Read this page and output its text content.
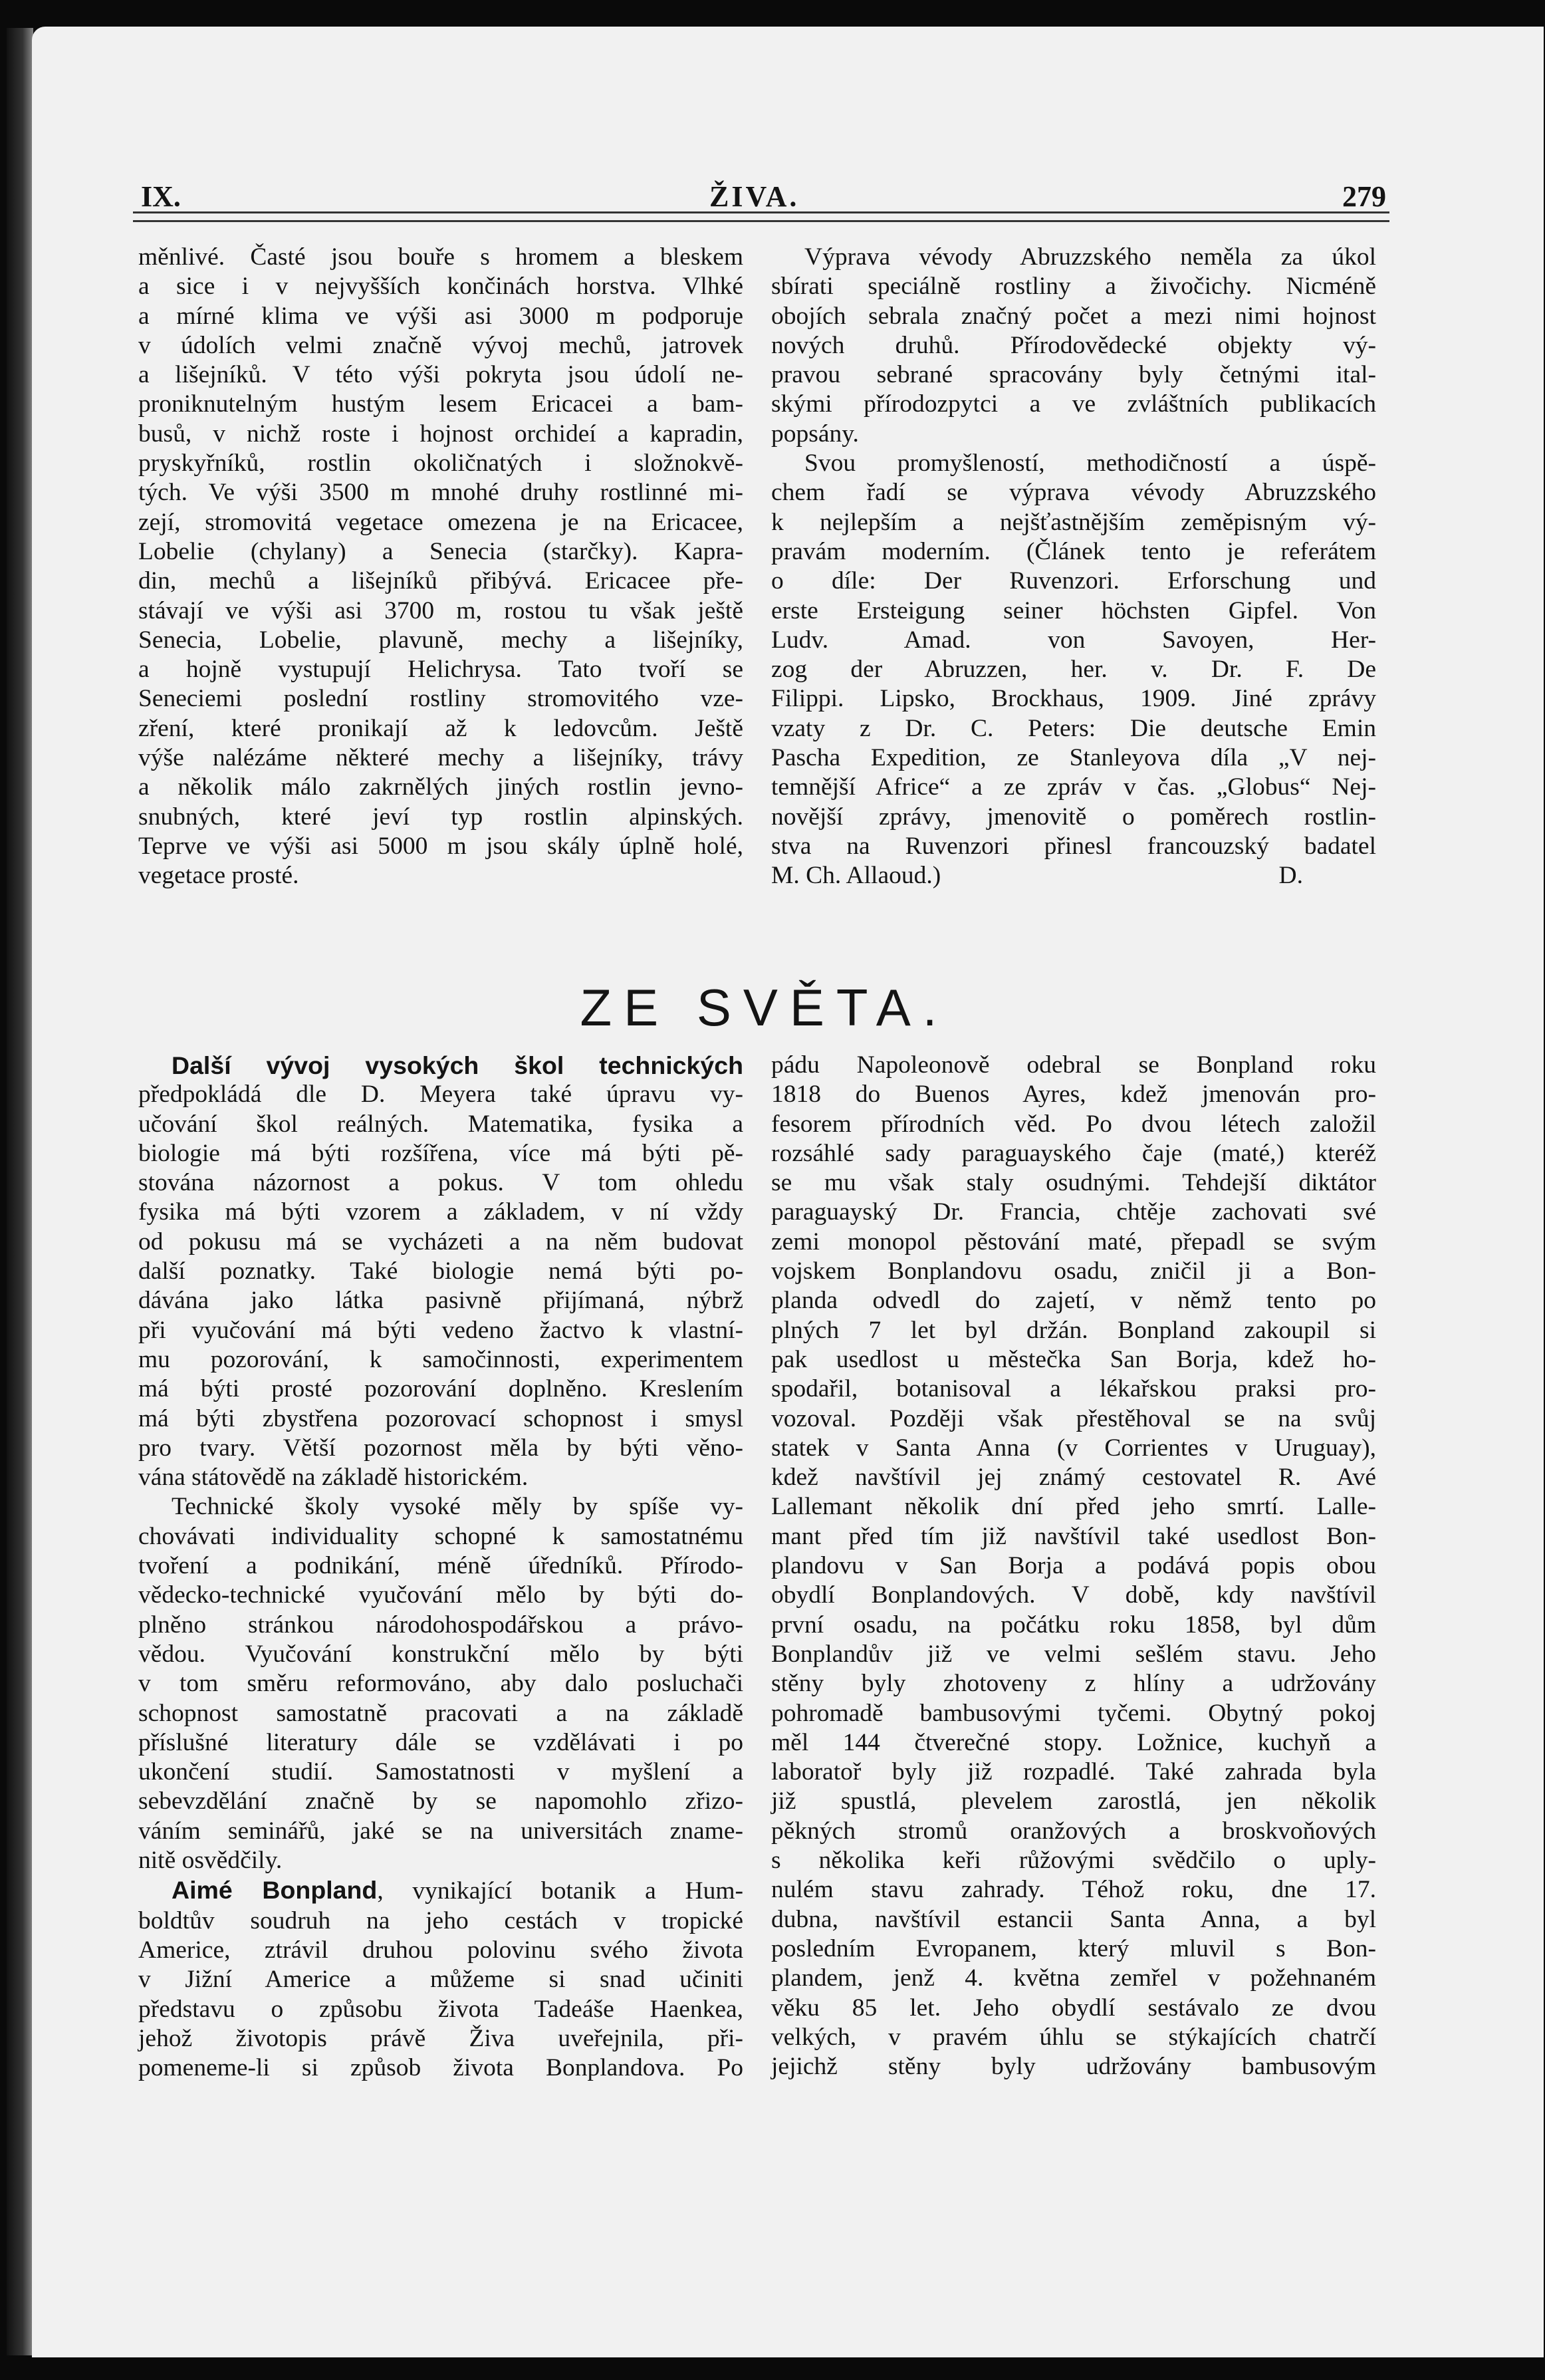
IX.	ŽIVA.	279
měnlivé. Časté jsou bouře s hromem a bleskem
a sice i v nejvyšších končinách horstva. Vlhké
a mírné klima ve výši asi 3000 m podporuje
v údolích velmi značně vývoj mechů, jatrovek
a lišejníků. V této výši pokryta jsou údolí ne-
proniknutelným hustým lesem Ericacei a bam-
busů, v nichž roste i hojnost orchideí a kapradin,
pryskyřníků, rostlin okoličnatých i složnokvě-
tých. Ve výši 3500 m mnohé druhy rostlinné mi-
zejí, stromovitá vegetace omezena je na Ericacee,
Lobelie (chylany) a Senecia (starčky). Kapra-
din, mechů a lišejníků přibývá. Ericacee pře-
stávají ve výši asi 3700 m, rostou tu však ještě
Senecia, Lobelie, plavuně, mechy a lišejníky,
a hojně vystupují Helichrysa. Tato tvoří se
Seneciemi poslední rostliny stromovitého vze-
zření, které pronikají až k ledovcům. Ještě
výše nalézáme některé mechy a lišejníky, trávy
a několik málo zakrnělých jiných rostlin jevno-
snubných, které jeví typ rostlin alpinských.
Teprve ve výši asi 5000 m jsou skály úplně holé,
vegetace prosté.
Výprava vévody Abruzzského neměla za úkol
sbírati speciálně rostliny a živočichy. Nicméně
obojích sebrala značný počet a mezi nimi hojnost
nových druhů. Přírodovědecké objekty vý-
pravou sebrané spracovány byly četnými ital-
skými přírodozpytci a ve zvláštních publikacích
popsány.
Svou promyšleností, methodičností a úspě-
chem řadí se výprava vévody Abruzzského
k nejlepším a nejšťastnějším zeměpisným vý-
pravám moderním. (Článek tento je referátem
o díle: Der Ruvenzori. Erforschung und
erste Ersteigung seiner höchsten Gipfel. Von
Ludv. Amad. von Savoyen, Her-
zog der Abruzzen, her. v. Dr. F. De
Filippi. Lipsko, Brockhaus, 1909. Jiné zprávy
vzaty z Dr. C. Peters: Die deutsche Emin
Pascha Expedition, ze Stanleyova díla „V nej-
temnější Africe“ a ze zpráv v čas. „Globus“ Nej-
novější zprávy, jmenovitě o poměrech rostlin-
stva na Ruvenzori přinesl francouzský badatel
M. Ch. Allaoud.)	D.
ZE SVĚTA.
Další vývoj vysokých škol technických
předpokládá dle D. Meyera také úpravu vy-
učování škol reálných. Matematika, fysika a
biologie má býti rozšířena, více má býti pě-
stována názornost a pokus. V tom ohledu
fysika má býti vzorem a základem, v ní vždy
od pokusu má se vycházeti a na něm budovat
další poznatky. Také biologie nemá býti po-
dávána jako látka pasivně přijímaná, nýbrž
při vyučování má býti vedeno žactvo k vlastní-
mu pozorování, k samočinnosti, experimentem
má býti prosté pozorování doplněno. Kreslením
má býti zbystřena pozorovací schopnost i smysl
pro tvary. Větší pozornost měla by býti věno-
vána státovědě na základě historickém.
Technické školy vysoké měly by spíše vy-
chovávati individuality schopné k samostatnému
tvoření a podnikání, méně úředníků. Přírodo-
vědecko-technické vyučování mělo by býti do-
plněno stránkou národohospodářskou a právo-
vědou. Vyučování konstrukční mělo by býti
v tom směru reformováno, aby dalo posluchači
schopnost samostatně pracovati a na základě
příslušné literatury dále se vzdělávati i po
ukončení studií. Samostatnosti v myšlení a
sebevzdělání značně by se napomohlo zřizo-
váním seminářů, jaké se na universitách zname-
nitě osvědčily.
Aimé Bonpland, vynikající botanik a Hum-
boldtův soudruh na jeho cestách v tropické
Americe, ztrávil druhou polovinu svého života
v Jižní Americe a můžeme si snad učiniti
představu o způsobu života Tadeáše Haenkea,
jehož životopis právě Živa uveřejnila, při-
pomeneme-li si způsob života Bonplandova. Po
pádu Napoleonově odebral se Bonpland roku
1818 do Buenos Ayres, kdež jmenován pro-
fesorem přírodních věd. Po dvou létech založil
rozsáhlé sady paraguayského čaje (maté,) kteréž
se mu však staly osudnými. Tehdejší diktátor
paraguayský Dr. Francia, chtěje zachovati své
zemi monopol pěstování maté, přepadl se svým
vojskem Bonplandovu osadu, zničil ji a Bon-
planda odvedl do zajetí, v němž tento po
plných 7 let byl držán. Bonpland zakoupil si
pak usedlost u městečka San Borja, kdež ho-
spodařil, botanisoval a lékařskou praksi pro-
vozoval. Později však přestěhoval se na svůj
statek v Santa Anna (v Corrientes v Uruguay),
kdež navštívil jej známý cestovatel R. Avé
Lallemant několik dní před jeho smrtí. Lalle-
mant před tím již navštívil také usedlost Bon-
plandovu v San Borja a podává popis obou
obydlí Bonplandových. V době, kdy navštívil
první osadu, na počátku roku 1858, byl dům
Bonplandův již ve velmi sešlém stavu. Jeho
stěny byly zhotoveny z hlíny a udržovány
pohromadě bambusovými tyčemi. Obytný pokoj
měl 144 čtverečné stopy. Ložnice, kuchyň a
laboratoř byly již rozpadlé. Také zahrada byla
již spustlá, plevelem zarostlá, jen několik
pěkných stromů oranžových a broskvoňových
s několika keři růžovými svědčilo o uply-
nulém stavu zahrady. Téhož roku, dne 17.
dubna, navštívil estancii Santa Anna, a byl
posledním Evropanem, který mluvil s Bon-
plandem, jenž 4. května zemřel v požehnaném
věku 85 let. Jeho obydlí sestávalo ze dvou
velkých, v pravém úhlu se stýkajících chatrčí
jejichž stěny byly udržovány bambusovým
